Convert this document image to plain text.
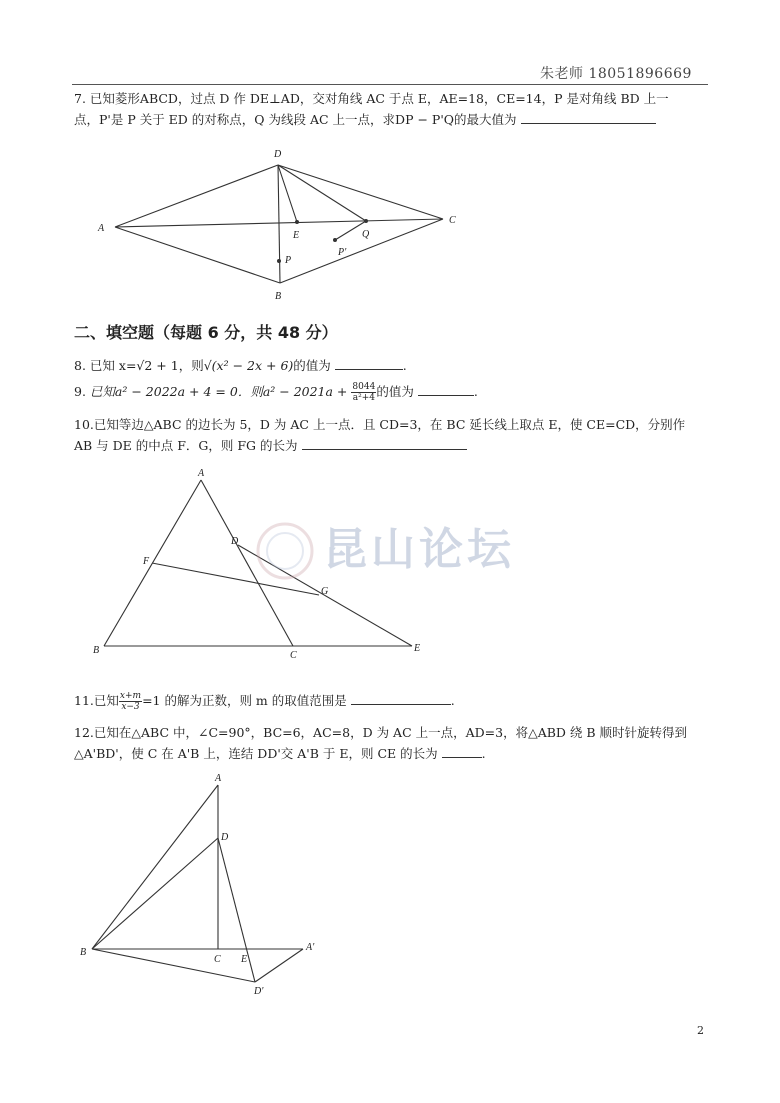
朱老师 18051896669
7. 已知菱形ABCD，过点 D 作 DE⊥AD，交对角线 AC 于点 E，AE=18，CE=14，P 是对角线 BD 上一
点，P'是 P 关于 ED 的对称点，Q 为线段 AC 上一点，求DP − P'Q的最大值为
A
B
C
D
E
P
Q
P'
A
B	C
D
E
F
G
A
B
C
D
E
A'
D'
二、填空题（每题 6 分，共 48 分）
8. 已知 x=√2 + 1，则√(x² − 2x + 6)的值为	.
9. 已知a² − 2022a + 4 = 0．则$a^2 - 2021a + \frac{8044}{\text{a²+4}}$ 的值为	.
10.已知等边△ABC 的边长为 5，D 为 AC 上一点．且 CD=3，在 BC 延长线上取点 E，使 CE=CD，分别作
AB 与 DE 的中点 F．G，则 FG 的长为
昆山论坛
11.已知 $\frac{x+m}{x-3} =1$ 的解为正数，则 m 的取值范围是	.
12.已知在△ABC 中，∠C=90°，BC=6，AC=8，D 为 AC 上一点，AD=3，将△ABD 绕 B 顺时针旋转得到
△A'BD'，使 C 在 A'B 上，连结 DD'交 A'B 于 E，则 CE 的长为	.
2
